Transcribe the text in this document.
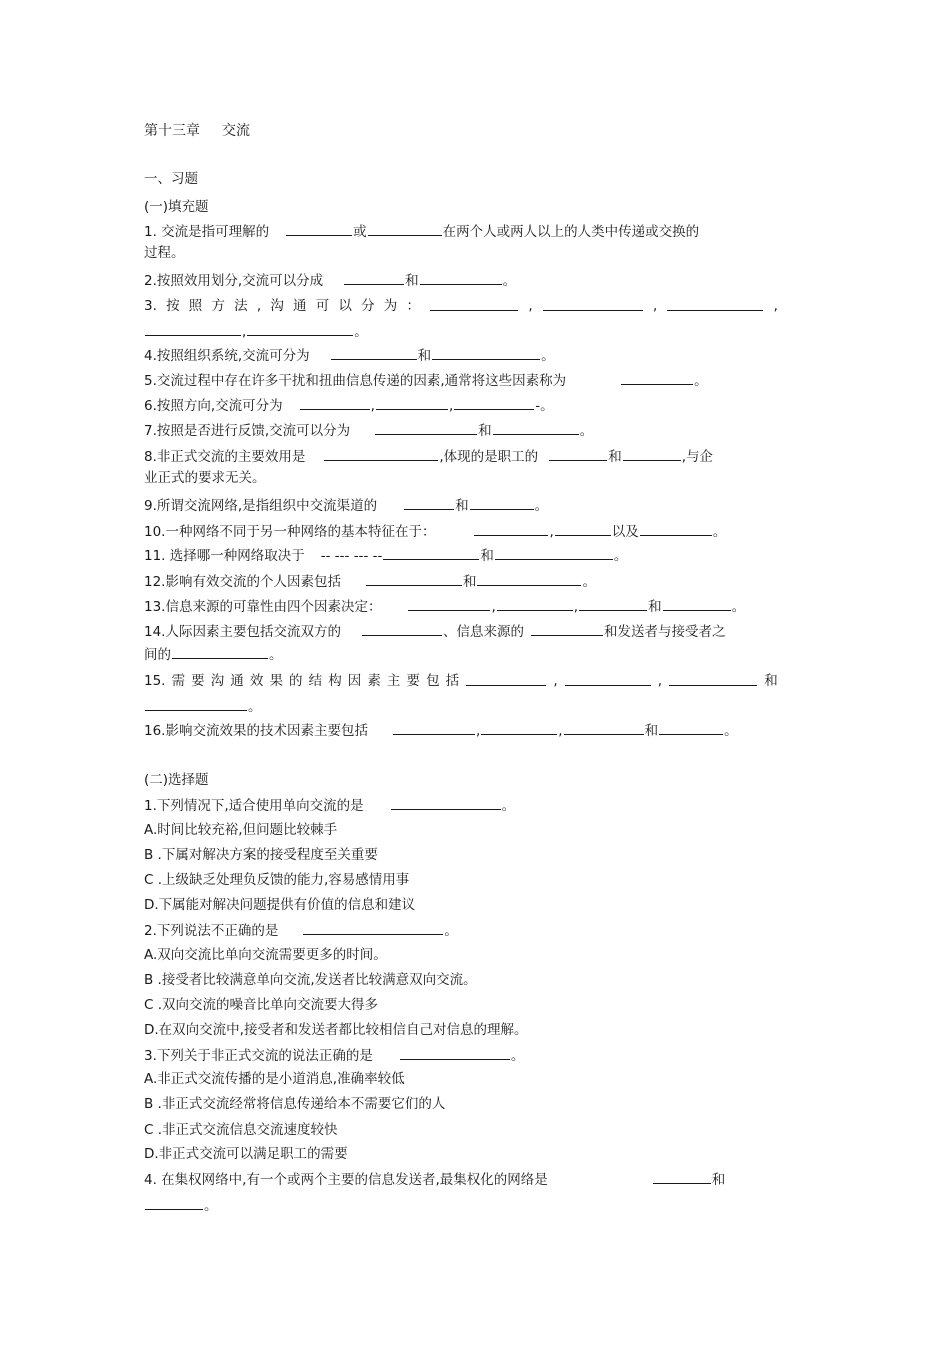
第十三章 交流
一、习题
(一)填充题
1. 交流是指可理解的	或	在两个人或两人以上的人类中传递或交换的
过程。
2.按照效用划分,交流可以分成	和	。
3. 按 照 方 法 , 沟 通 可 以 分 为 ：	,	,	,
,	。
4.按照组织系统,交流可分为	和	。
5.交流过程中存在许多干扰和扭曲信息传递的因素,通常将这些因素称为	。
6.按照方向,交流可分为	,	,	-。
7.按照是否进行反馈,交流可以分为	和	。
8.非正式交流的主要效用是	,体现的是职工的	和	,与企
业正式的要求无关。
9.所谓交流网络,是指组织中交流渠道的	和	。
10.一种网络不同于另一种网络的基本特征在于：	,	以及	。
11. 选择哪一种网络取决于 -- --- --- --	和	。
12.影响有效交流的个人因素包括	和	。
13.信息来源的可靠性由四个因素决定：	,	,	和	。
14.人际因素主要包括交流双方的	、信息来源的	和发送者与接受者之
间的	。
15. 需 要 沟 通 效 果 的 结 构 因 素 主 要 包 括	,	,	和
。
16.影响交流效果的技术因素主要包括	,	,	和	。
(二)选择题
1.下列情况下,适合使用单向交流的是	。
A.时间比较充裕,但问题比较棘手
B .下属对解决方案的接受程度至关重要
C .上级缺乏处理负反馈的能力,容易感情用事
D.下属能对解决问题提供有价值的信息和建议
2.下列说法不正确的是	。
A.双向交流比单向交流需要更多的时间。
B .接受者比较满意单向交流,发送者比较满意双向交流。
C .双向交流的噪音比单向交流要大得多
D.在双向交流中,接受者和发送者都比较相信自己对信息的理解。
3.下列关于非正式交流的说法正确的是	。
A.非正式交流传播的是小道消息,准确率较低
B .非正式交流经常将信息传递给本不需要它们的人
C .非正式交流信息交流速度较快
D.非正式交流可以满足职工的需要
4. 在集权网络中,有一个或两个主要的信息发送者,最集权化的网络是	和
。
